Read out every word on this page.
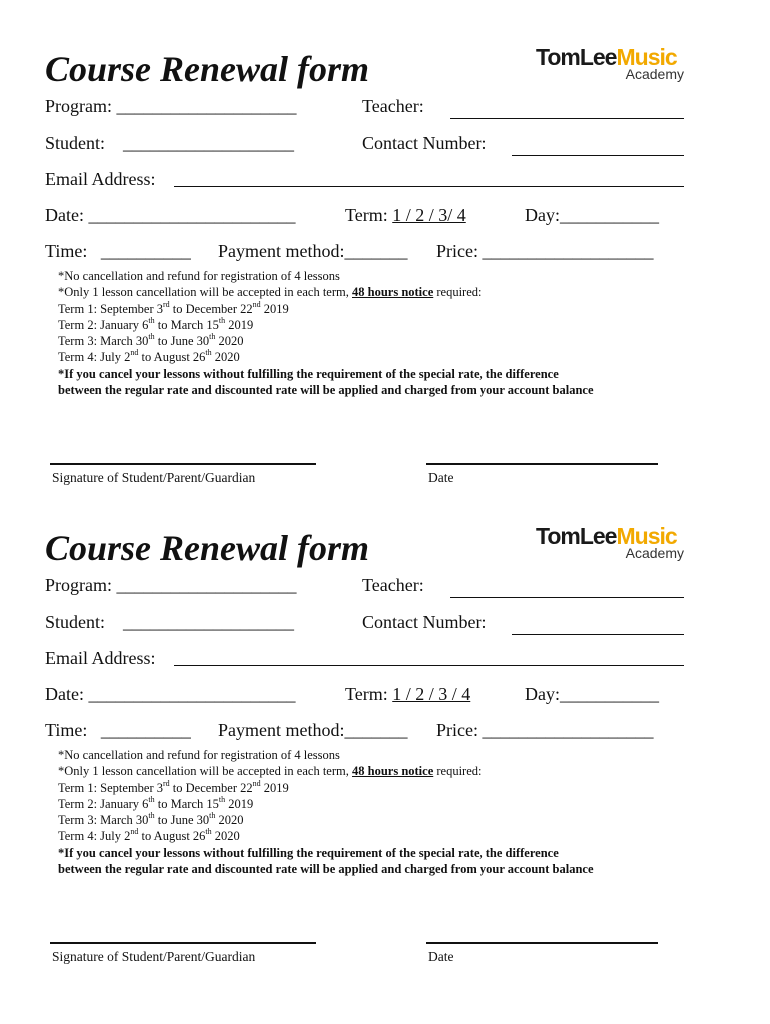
Course Renewal form	TomLeeMusic
Academy
Program: ____________________	Teacher:
Student: ___________________	Contact Number:
Email Address:
Date: _______________________	Term: 1 / 2 / 3/ 4	Day:___________
Time: __________ Payment method:_______ Price: ___________________
*No cancellation and refund for registration of 4 lessons
*Only 1 lesson cancellation will be accepted in each term, 48 hours notice required:
Term 1: September 3rd to December 22nd 2019
Term 2: January 6th to March 15th 2019
Term 3: March 30th to June 30th 2020
Term 4: July 2nd to August 26th 2020
*If you cancel your lessons without fulfilling the requirement of the special rate, the difference
between the regular rate and discounted rate will be applied and charged from your account balance
Signature of Student/Parent/Guardian	Date
Course Renewal form	TomLeeMusic
Academy
Program: ____________________	Teacher:
Student: ___________________	Contact Number:
Email Address:
Date: _______________________	Term: 1 / 2 / 3 / 4	Day:___________
Time: __________ Payment method:_______ Price: ___________________
*No cancellation and refund for registration of 4 lessons
*Only 1 lesson cancellation will be accepted in each term, 48 hours notice required:
Term 1: September 3rd to December 22nd 2019
Term 2: January 6th to March 15th 2019
Term 3: March 30th to June 30th 2020
Term 4: July 2nd to August 26th 2020
*If you cancel your lessons without fulfilling the requirement of the special rate, the difference
between the regular rate and discounted rate will be applied and charged from your account balance
Signature of Student/Parent/Guardian	Date
